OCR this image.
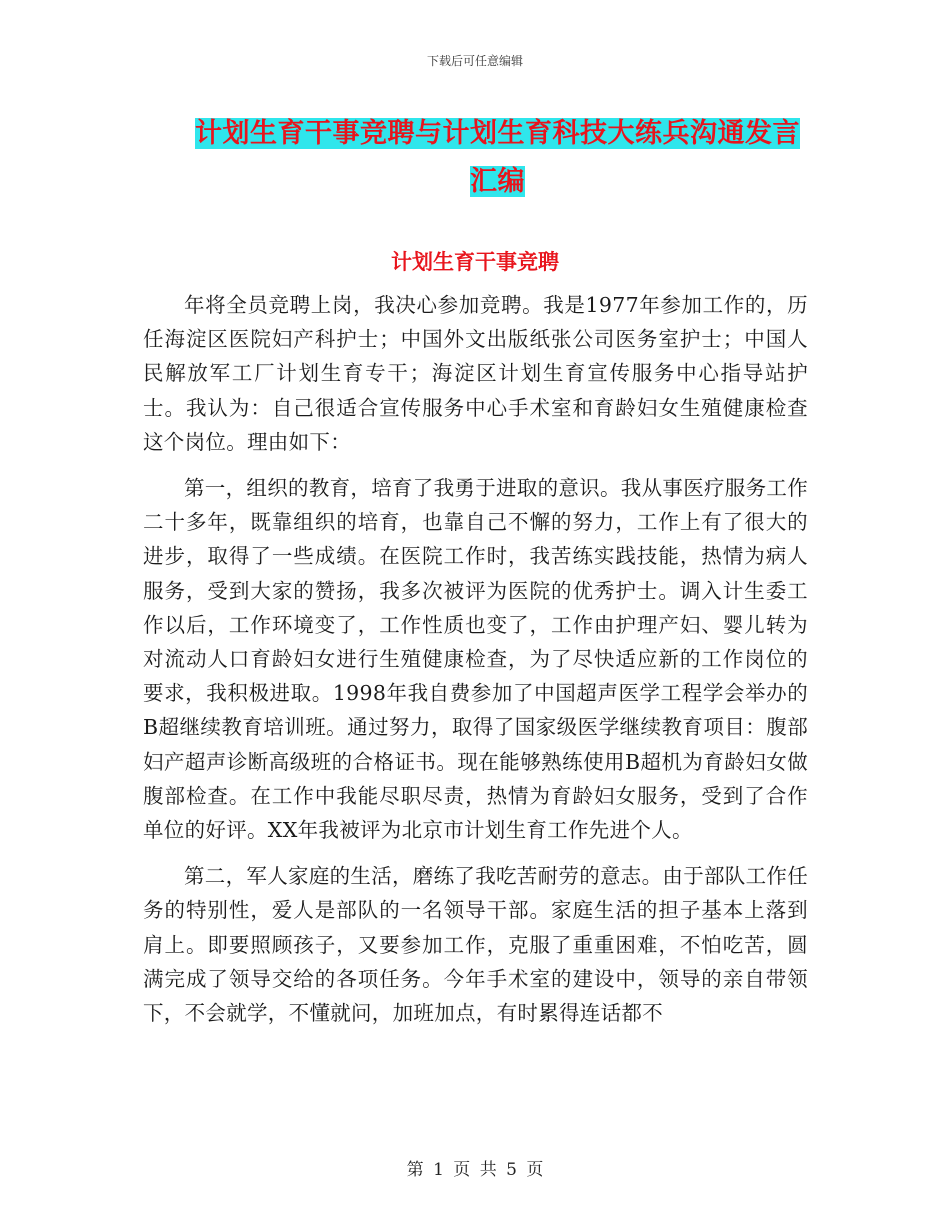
下载后可任意编辑
计划生育干事竞聘与计划生育科技大练兵沟通发言汇编
计划生育干事竞聘

年将全员竞聘上岗，我决心参加竞聘。我是1977年参加工作的，历任海淀区医院妇产科护士；中国外文出版纸张公司医务室护士；中国人民解放军工厂计划生育专干；海淀区计划生育宣传服务中心指导站护士。我认为：自己很适合宣传服务中心手术室和育龄妇女生殖健康检查这个岗位。理由如下：

第一，组织的教育，培育了我勇于进取的意识。我从事医疗服务工作二十多年，既靠组织的培育，也靠自己不懈的努力，工作上有了很大的进步，取得了一些成绩。在医院工作时，我苦练实践技能，热情为病人服务，受到大家的赞扬，我多次被评为医院的优秀护士。调入计生委工作以后，工作环境变了，工作性质也变了，工作由护理产妇、婴儿转为对流动人口育龄妇女进行生殖健康检查，为了尽快适应新的工作岗位的要求，我积极进取。1998年我自费参加了中国超声医学工程学会举办的B超继续教育培训班。通过努力，取得了国家级医学继续教育项目：腹部妇产超声诊断高级班的合格证书。现在能够熟练使用B超机为育龄妇女做腹部检查。在工作中我能尽职尽责，热情为育龄妇女服务，受到了合作单位的好评。XX年我被评为北京市计划生育工作先进个人。

第二，军人家庭的生活，磨练了我吃苦耐劳的意志。由于部队工作任务的特别性，爱人是部队的一名领导干部。家庭生活的担子基本上落到肩上。即要照顾孩子，又要参加工作，克服了重重困难，不怕吃苦，圆满完成了领导交给的各项任务。今年手术室的建设中，领导的亲自带领下，不会就学，不懂就问，加班加点，有时累得连话都不

第 1 页 共 5 页
